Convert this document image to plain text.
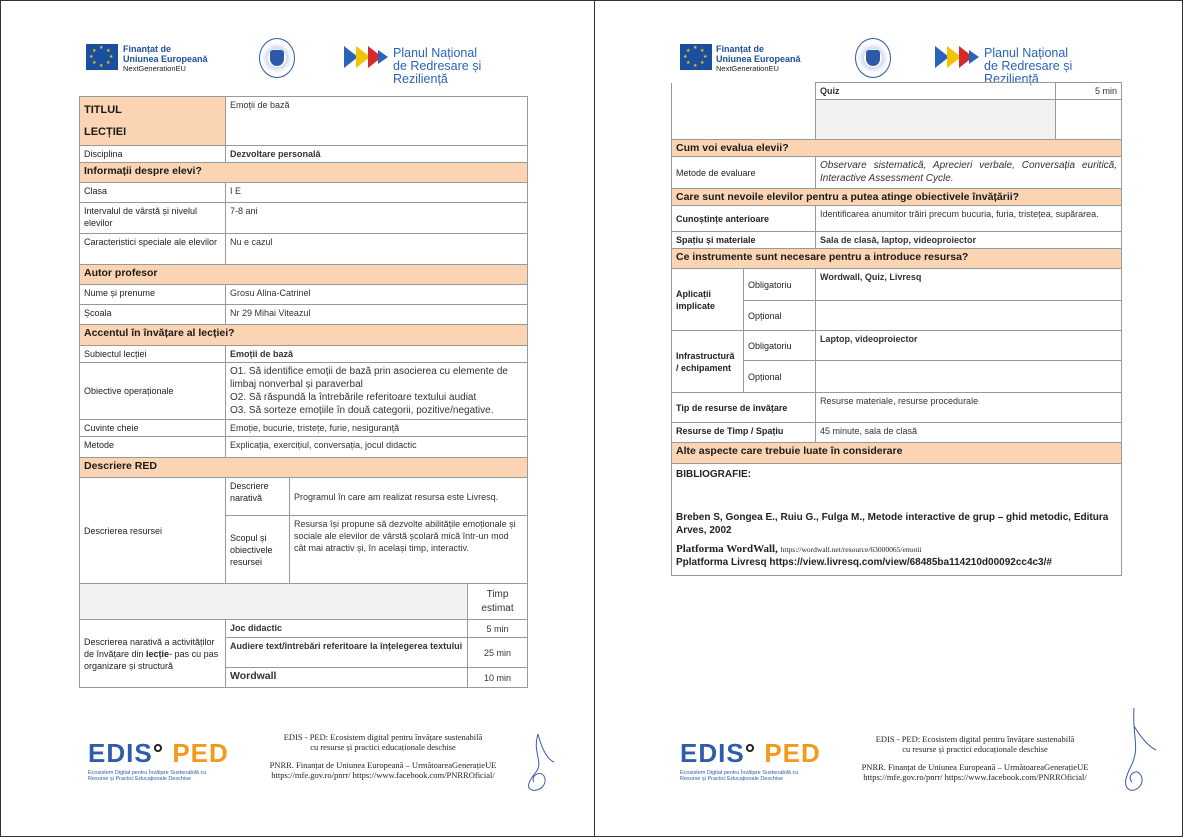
★ ★
★
★
★
★
★
★	Finanțat de
Uniunea Europeană
NextGenerationEU
Planul Național
de Redresare și Reziliență
TITLUL
LECȚIEI	Emoții de bază		
Disciplina	Dezvoltare personală		
Informații despre elevi?			
Clasa	I E		
Intervalul de vârstă și nivelul elevilor	7-8 ani		
Caracteristici speciale ale elevilor	Nu e cazul		
Autor profesor			
Nume și prenume	Grosu Alina-Catrinel		
Școala	Nr 29 Mihai Viteazul		
Accentul în învățare al lecției?			
Subiectul lecției	Emoții de bază		
Obiective operaționale	O1. Să identifice emoții de bază prin asocierea cu elemente de limbaj nonverbal și paraverbal
O2. Să răspundă la întrebările referitoare textului audiat
O3. Să sorteze emoțiile în două categorii, pozitive/negative.		

Cuvinte cheie	Emoție, bucurie, tristețe, furie, nesiguranță		
Metode	Explicația, exercițiul, conversația, jocul didactic		
Descriere RED			
Descrierea resursei	Descriere narativă	Programul în care am realizat resursa este Livresq.	
	Scopul și obiectivele resursei	Resursa își propune să dezvolte abilitățile emoționale și sociale ale elevilor de vârstă școlară mică într-un mod cât mai atractiv și, în același timp, interactiv.	
			Timp estimat
Descrierea narativă a activităților de învățare din lecție- pas cu pas organizare și structură	Joc didactic		5 min
	Audiere text/întrebări referitoare la înțelegerea textului		25 min
	Wordwall		10 min
EDIS° PED
Ecosistem Digital pentru Învățare Sustenabilă cu Resurse și Practici Educaționale Deschise
EDIS - PED: Ecosistem digital pentru învățare sustenabilă
cu resurse și practici educaționale deschise
PNRR. Finanțat de Uniunea Europeană – UrmătoareaGenerațieUE
https://mfe.gov.ro/pnrr/ https://www.facebook.com/PNRROficial/
★ ★
★
★
★
★
★
★	Finanțat de
Uniunea Europeană
NextGenerationEU
Planul Național
de Redresare și Reziliență
		Quiz	5 min

Cum voi evalua elevii?			
Metode de evaluare		Observare sistematică, Aprecieri verbale, Conversația euritică, Interactive Assessment Cycle.	
Care sunt nevoile elevilor pentru a putea atinge obiectivele învățării?			
Cunoștințe anterioare		Identificarea anumitor trăiri precum bucuria, furia, tristețea, supărarea.	
Spațiu și materiale		Sala de clasă, laptop, videoproiector	
Ce instrumente sunt necesare pentru a introduce resursa?			
Aplicații implicate	Obligatoriu	Wordwall, Quiz, Livresq	
	Opțional		
Infrastructură / echipament	Obligatoriu	Laptop, videoproiector	
	Opțional		
Tip de resurse de învățare		Resurse materiale, resurse procedurale	
Resurse de Timp / Spațiu		45 minute, sala de clasă	
Alte aspecte care trebuie luate în considerare			

BIBLIOGRAFIE:
Breben S, Gongea E., Ruiu G., Fulga M., Metode interactive de grup – ghid metodic, Editura Arves, 2002
Platforma WordWall, https://wordwall.net/resource/63000065/emotii
Pplatforma Livresq https://view.livresq.com/view/68485ba114210d00092cc4c3/#			
EDIS° PED
Ecosistem Digital pentru Învățare Sustenabilă cu Resurse și Practici Educaționale Deschise
EDIS - PED: Ecosistem digital pentru învățare sustenabilă
cu resurse și practici educaționale deschise
PNRR. Finanțat de Uniunea Europeană – UrmătoareaGenerațieUE
https://mfe.gov.ro/pnrr/ https://www.facebook.com/PNRROficial/
